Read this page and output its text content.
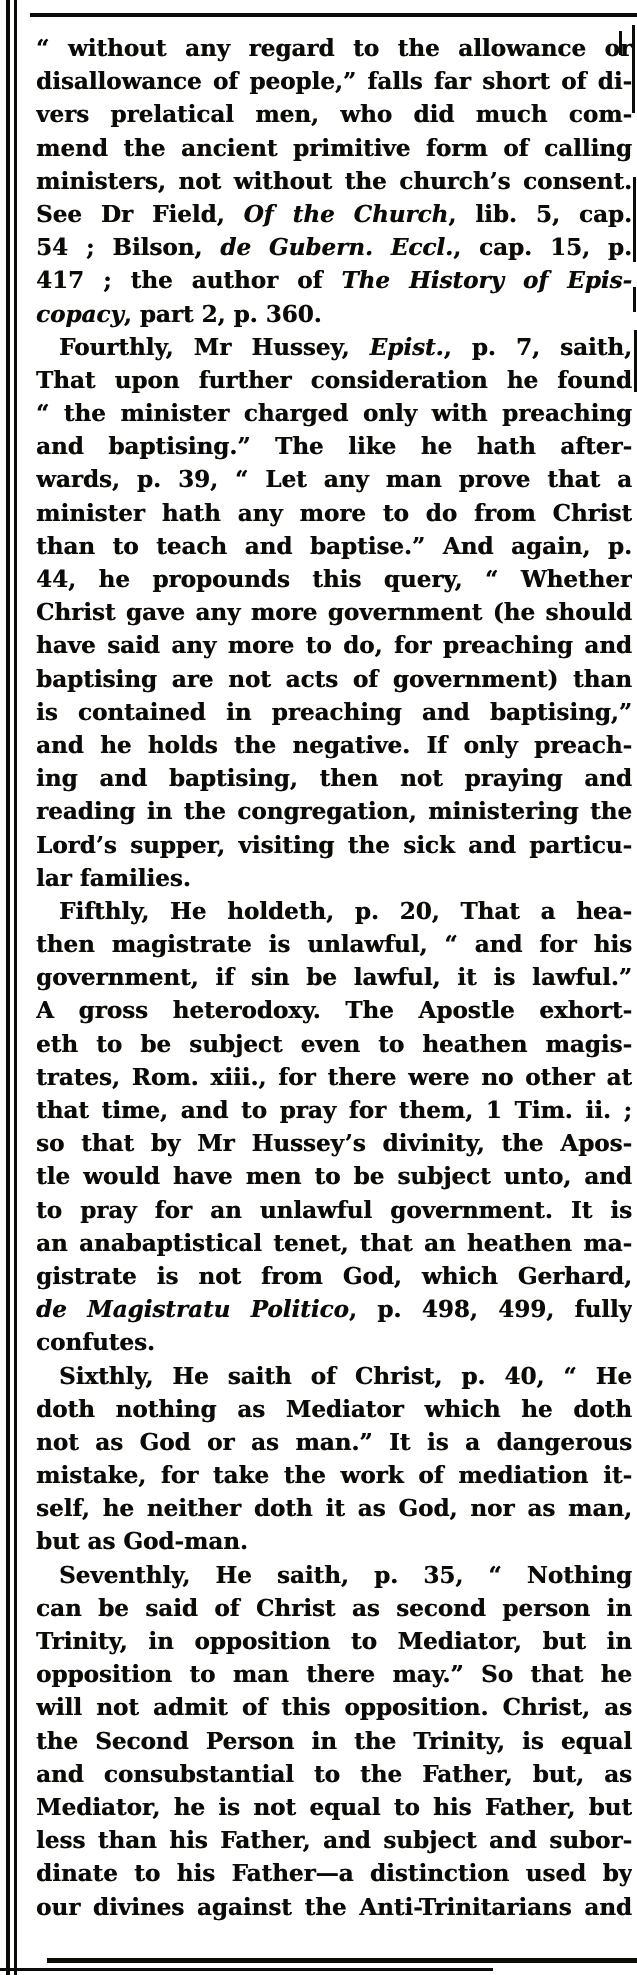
“ without any regard to the allowance or
disallowance of people,” falls far short of di-
vers prelatical men, who did much com-
mend the ancient primitive form of calling
ministers, not without the church’s consent.
See Dr Field, Of the Church, lib. 5, cap.
54 ; Bilson, de Gubern. Eccl., cap. 15, p.
417 ; the author of The History of Epis-
copacy, part 2, p. 360.
Fourthly, Mr Hussey, Epist., p. 7, saith,
That upon further consideration he found
“ the minister charged only with preaching
and baptising.” The like he hath after-
wards, p. 39, “ Let any man prove that a
minister hath any more to do from Christ
than to teach and baptise.” And again, p.
44, he propounds this query, “ Whether
Christ gave any more government (he should
have said any more to do, for preaching and
baptising are not acts of government) than
is contained in preaching and baptising,”
and he holds the negative. If only preach-
ing and baptising, then not praying and
reading in the congregation, ministering the
Lord’s supper, visiting the sick and particu-
lar families.
Fifthly, He holdeth, p. 20, That a hea-
then magistrate is unlawful, “ and for his
government, if sin be lawful, it is lawful.”
A gross heterodoxy. The Apostle exhort-
eth to be subject even to heathen magis-
trates, Rom. xiii., for there were no other at
that time, and to pray for them, 1 Tim. ii. ;
so that by Mr Hussey’s divinity, the Apos-
tle would have men to be subject unto, and
to pray for an unlawful government. It is
an anabaptistical tenet, that an heathen ma-
gistrate is not from God, which Gerhard,
de Magistratu Politico, p. 498, 499, fully
confutes.
Sixthly, He saith of Christ, p. 40, “ He
doth nothing as Mediator which he doth
not as God or as man.” It is a dangerous
mistake, for take the work of mediation it-
self, he neither doth it as God, nor as man,
but as God-man.
Seventhly, He saith, p. 35, “ Nothing
can be said of Christ as second person in
Trinity, in opposition to Mediator, but in
opposition to man there may.” So that he
will not admit of this opposition. Christ, as
the Second Person in the Trinity, is equal
and consubstantial to the Father, but, as
Mediator, he is not equal to his Father, but
less than his Father, and subject and subor-
dinate to his Father—a distinction used by
our divines against the Anti-Trinitarians and
